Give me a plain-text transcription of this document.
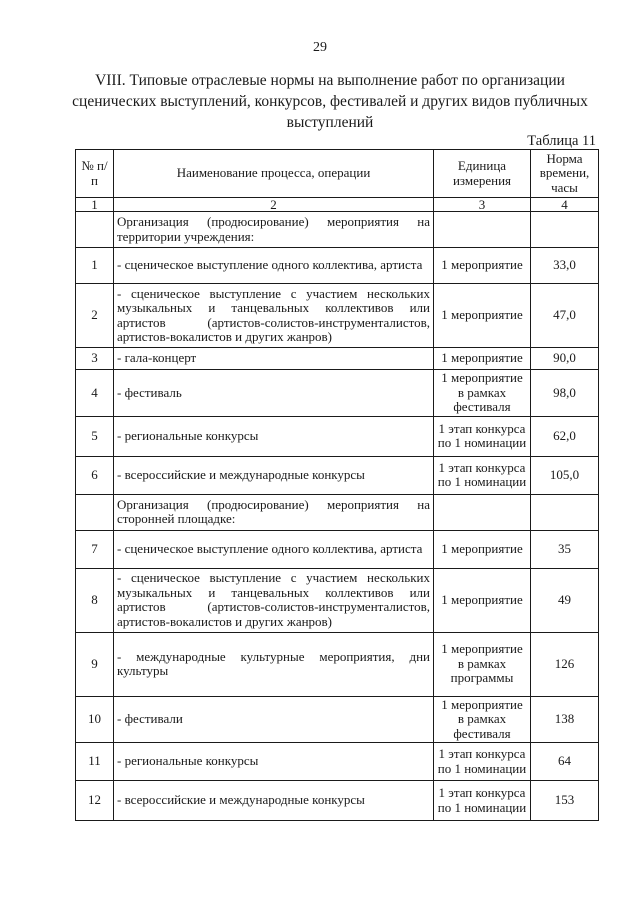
29
VIII. Типовые отраслевые нормы на выполнение работ по организации сценических выступлений, конкурсов, фестивалей и других видов публичных выступлений
Таблица 11
№ п/п	Наименование процесса, операции	Единица измерения	Норма времени, часы
1	2	3	4
	Организация (продюсирование) мероприятия на территории учреждения:		
1	- сценическое выступление одного коллектива, артиста	1 мероприятие	33,0
2	- сценическое выступление с участием нескольких музыкальных и танцевальных коллективов или артистов (артистов-солистов-инструменталистов, артистов-вокалистов и других жанров)	1 мероприятие	47,0
3	- гала-концерт	1 мероприятие	90,0
4	- фестиваль	1 мероприятие в рамках фестиваля	98,0
5	- региональные конкурсы	1 этап конкурса по 1 номинации	62,0
6	- всероссийские и международные конкурсы	1 этап конкурса по 1 номинации	105,0
	Организация (продюсирование) мероприятия на сторонней площадке:		
7	- сценическое выступление одного коллектива, артиста	1 мероприятие	35
8	- сценическое выступление с участием нескольких музыкальных и танцевальных коллективов или артистов (артистов-солистов-инструменталистов, артистов-вокалистов и других жанров)	1 мероприятие	49
9	- международные культурные мероприятия, дни культуры	1 мероприятие в рамках программы	126
10	- фестивали	1 мероприятие в рамках фестиваля	138
11	- региональные конкурсы	1 этап конкурса по 1 номинации	64
12	- всероссийские и международные конкурсы	1 этап конкурса по 1 номинации	153
